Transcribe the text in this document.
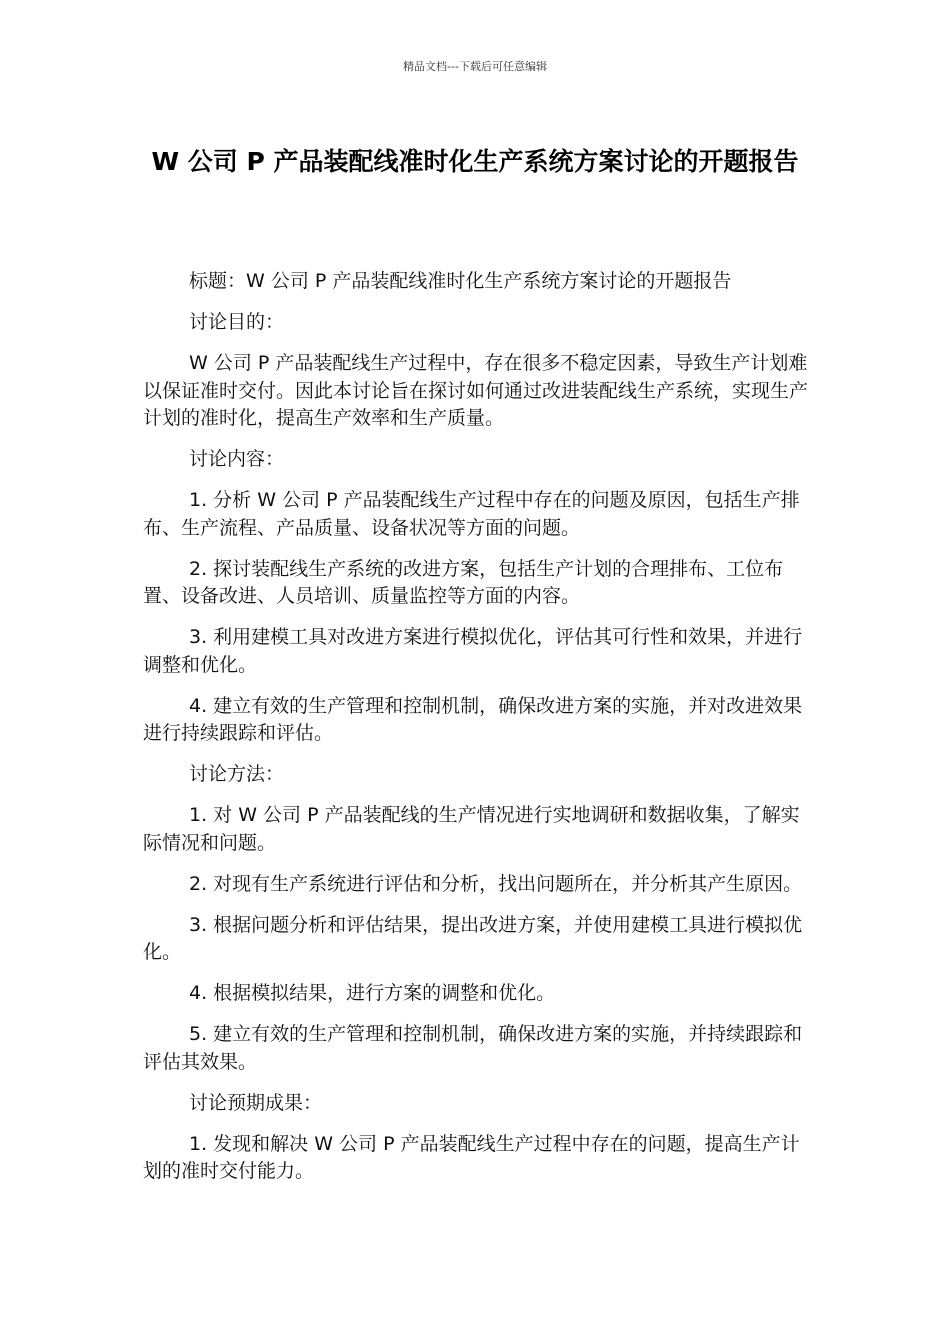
精品文档---下载后可任意编辑
W 公司 P 产品装配线准时化生产系统方案讨论的开题报告

标题：W 公司 P 产品装配线准时化生产系统方案讨论的开题报告

讨论目的：

W 公司 P 产品装配线生产过程中，存在很多不稳定因素，导致生产计划难以保证准时交付。因此本讨论旨在探讨如何通过改进装配线生产系统，实现生产计划的准时化，提高生产效率和生产质量。

讨论内容：

1. 分析 W 公司 P 产品装配线生产过程中存在的问题及原因，包括生产排布、生产流程、产品质量、设备状况等方面的问题。

2. 探讨装配线生产系统的改进方案，包括生产计划的合理排布、工位布置、设备改进、人员培训、质量监控等方面的内容。

3. 利用建模工具对改进方案进行模拟优化，评估其可行性和效果，并进行调整和优化。

4. 建立有效的生产管理和控制机制，确保改进方案的实施，并对改进效果进行持续跟踪和评估。

讨论方法：

1. 对 W 公司 P 产品装配线的生产情况进行实地调研和数据收集，了解实际情况和问题。

2. 对现有生产系统进行评估和分析，找出问题所在，并分析其产生原因。

3. 根据问题分析和评估结果，提出改进方案，并使用建模工具进行模拟优化。

4. 根据模拟结果，进行方案的调整和优化。

5. 建立有效的生产管理和控制机制，确保改进方案的实施，并持续跟踪和评估其效果。

讨论预期成果：

1. 发现和解决 W 公司 P 产品装配线生产过程中存在的问题，提高生产计划的准时交付能力。
